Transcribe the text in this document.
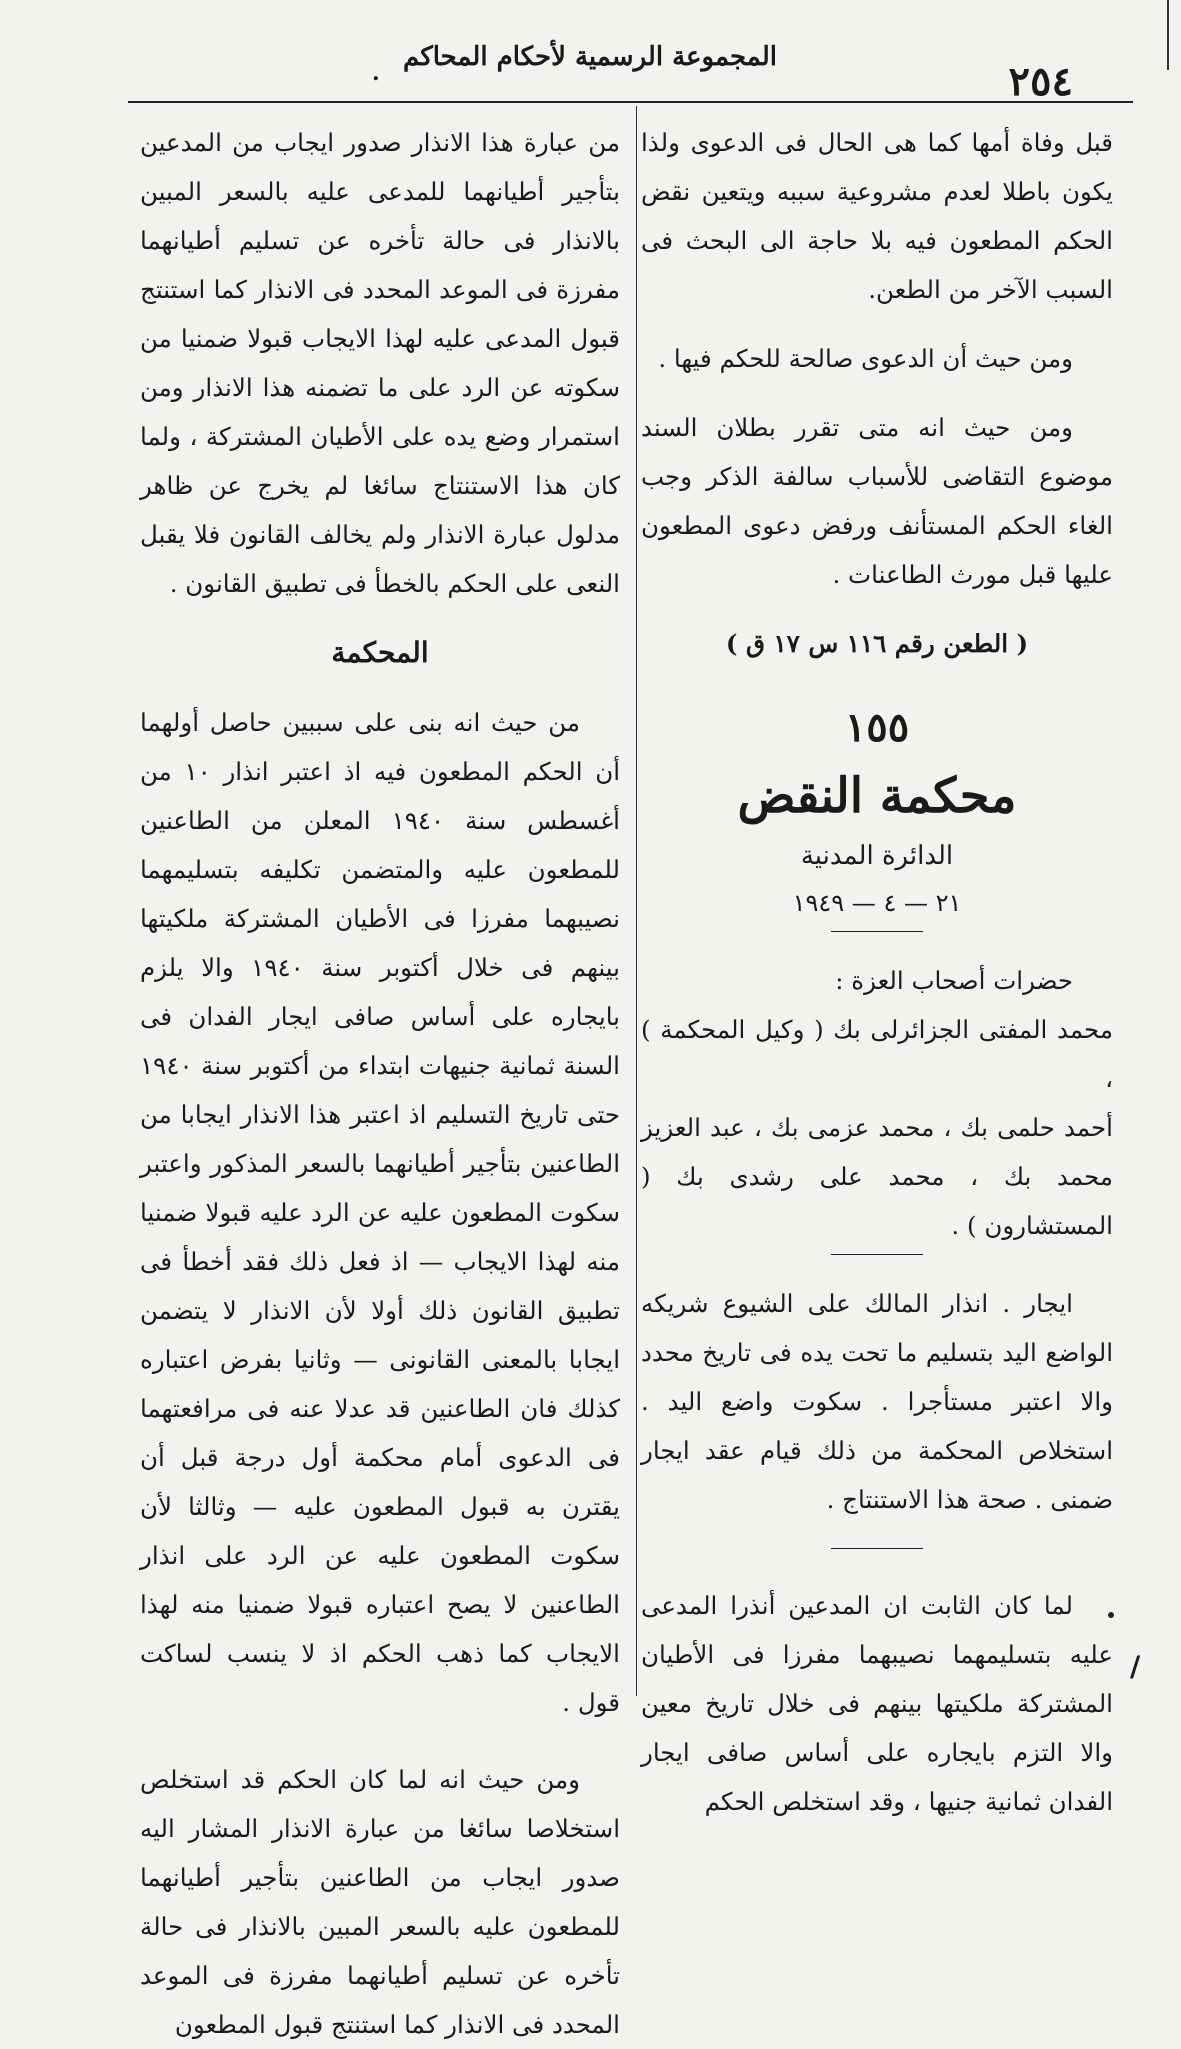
٢٥٤
المجموعة الرسمية لأحكام المحاكم
.

قبل وفاة أمها كما هى الحال فى الدعوى ولذا يكون باطلا لعدم مشروعية سببه ويتعين نقض الحكم المطعون فيه بلا حاجة الى البحث فى السبب الآخر من الطعن.

ومن حيث أن الدعوى صالحة للحكم فيها .

ومن حيث انه متى تقرر بطلان السند موضوع التقاضى للأسباب سالفة الذكر وجب الغاء الحكم المستأنف ورفض دعوى المطعون عليها قبل مورث الطاعنات .

( الطعن رقم ١١٦ س ١٧ ق )

١٥٥

محكمة النقض

الدائرة المدنية

٢١ — ٤ — ١٩٤٩

حضرات أصحاب العزة :

محمد المفتى الجزائرلى بك ( وكيل المحكمة ) ،

أحمد حلمى بك ، محمد عزمى بك ، عبد العزيز محمد بك ، محمد على رشدى بك ( المستشارون ) .

ايجار . انذار المالك على الشيوع شريكه الواضع اليد بتسليم ما تحت يده فى تاريخ محدد والا اعتبر مستأجرا . سكوت واضع اليد . استخلاص المحكمة من ذلك قيام عقد ايجار ضمنى . صحة هذا الاستنتاج .

لما كان الثابت ان المدعين أنذرا المدعى عليه بتسليمهما نصيبهما مفرزا فى الأطيان المشتركة ملكيتها بينهم فى خلال تاريخ معين والا التزم بايجاره على أساس صافى ايجار الفدان ثمانية جنيها ، وقد استخلص الحكم

من عبارة هذا الانذار صدور ايجاب من المدعين بتأجير أطيانهما للمدعى عليه بالسعر المبين بالانذار فى حالة تأخره عن تسليم أطيانهما مفرزة فى الموعد المحدد فى الانذار كما استنتج قبول المدعى عليه لهذا الايجاب قبولا ضمنيا من سكوته عن الرد على ما تضمنه هذا الانذار ومن استمرار وضع يده على الأطيان المشتركة ، ولما كان هذا الاستنتاج سائغا لم يخرج عن ظاهر مدلول عبارة الانذار ولم يخالف القانون فلا يقبل النعى على الحكم بالخطأ فى تطبيق القانون .

المحكمة

من حيث انه بنى على سببين حاصل أولهما أن الحكم المطعون فيه اذ اعتبر انذار ١٠ من أغسطس سنة ١٩٤٠ المعلن من الطاعنين للمطعون عليه والمتضمن تكليفه بتسليمهما نصيبهما مفرزا فى الأطيان المشتركة ملكيتها بينهم فى خلال أكتوبر سنة ١٩٤٠ والا يلزم بايجاره على أساس صافى ايجار الفدان فى السنة ثمانية جنيهات ابتداء من أكتوبر سنة ١٩٤٠ حتى تاريخ التسليم اذ اعتبر هذا الانذار ايجابا من الطاعنين بتأجير أطيانهما بالسعر المذكور واعتبر سكوت المطعون عليه عن الرد عليه قبولا ضمنيا منه لهذا الايجاب — اذ فعل ذلك فقد أخطأ فى تطبيق القانون ذلك أولا لأن الانذار لا يتضمن ايجابا بالمعنى القانونى — وثانيا بفرض اعتباره كذلك فان الطاعنين قد عدلا عنه فى مرافعتهما فى الدعوى أمام محكمة أول درجة قبل أن يقترن به قبول المطعون عليه — وثالثا لأن سكوت المطعون عليه عن الرد على انذار الطاعنين لا يصح اعتباره قبولا ضمنيا منه لهذا الايجاب كما ذهب الحكم اذ لا ينسب لساكت قول .

ومن حيث انه لما كان الحكم قد استخلص استخلاصا سائغا من عبارة الانذار المشار اليه صدور ايجاب من الطاعنين بتأجير أطيانهما للمطعون عليه بالسعر المبين بالانذار فى حالة تأخره عن تسليم أطيانهما مفرزة فى الموعد المحدد فى الانذار كما استنتج قبول المطعون

/
